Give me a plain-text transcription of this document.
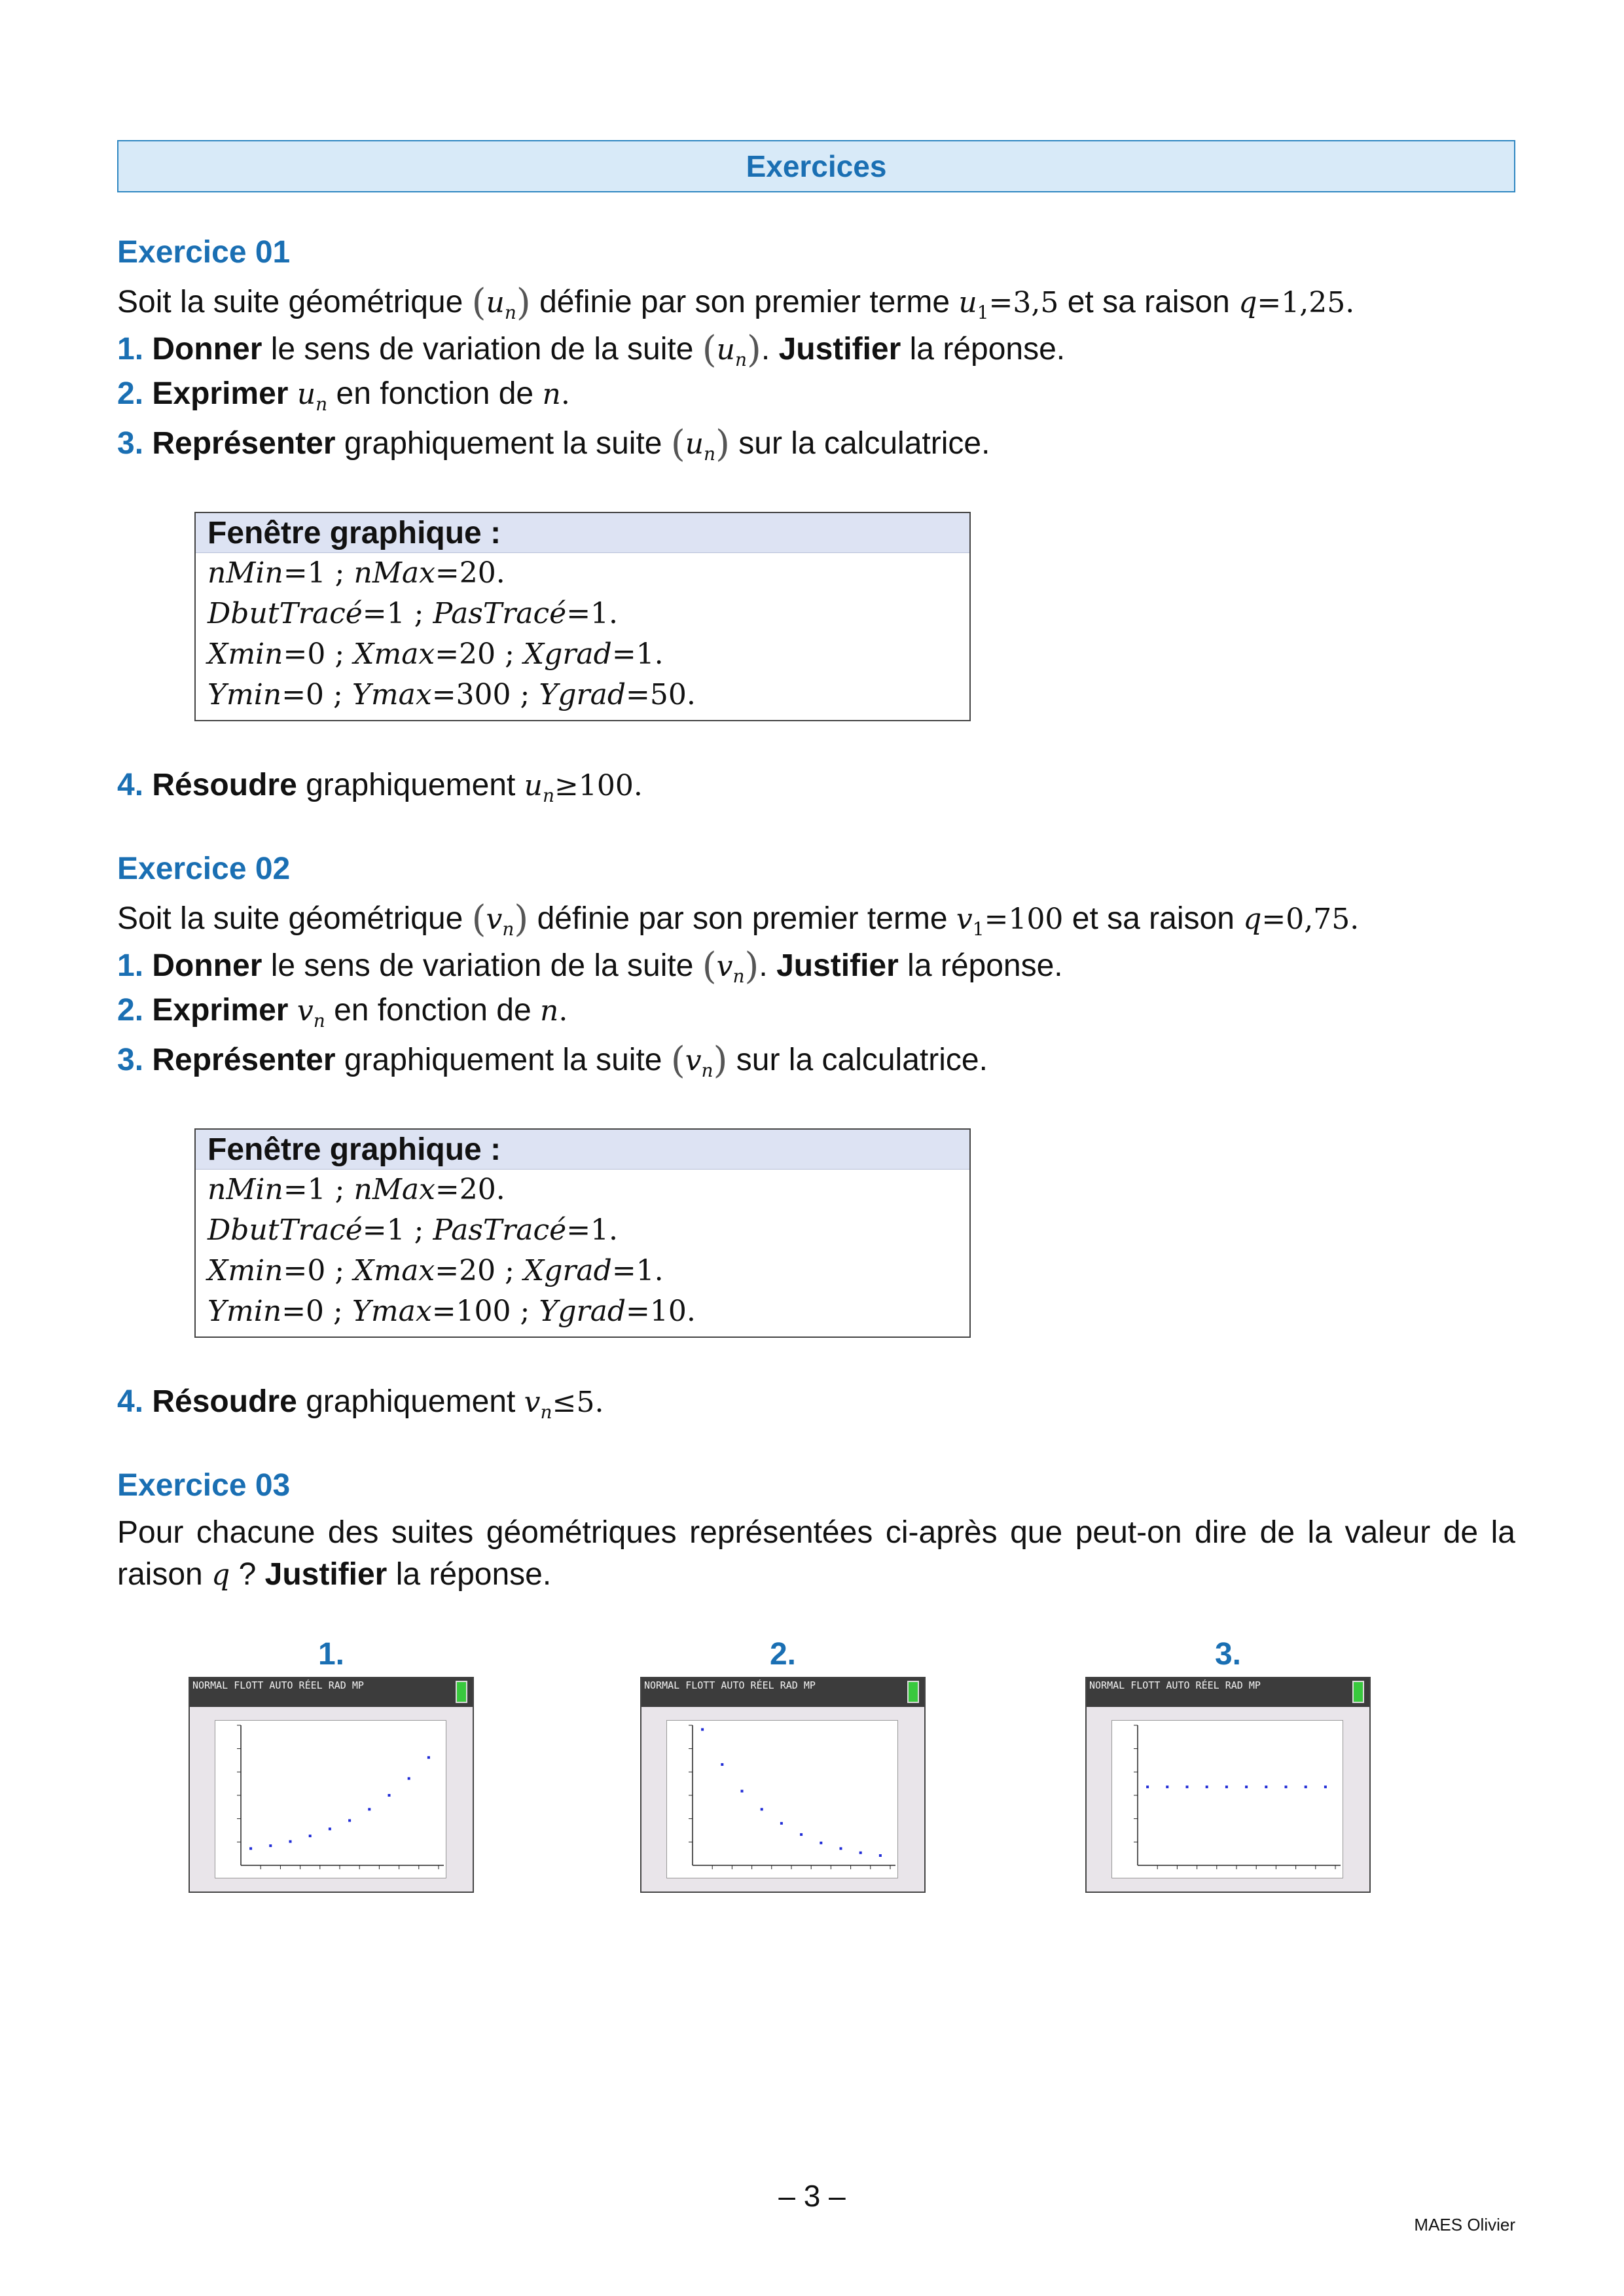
Exercices
Exercice 01
Soit la suite géométrique $(u_n)$ définie par son premier terme $u_1=3,5$ et sa raison q=1,25.
1. Donner le sens de variation de la suite $(u_n)$. Justifier la réponse.
2. Exprimer $u_n$ en fonction de n.
3. Représenter graphiquement la suite $(u_n)$ sur la calculatrice.
Fenêtre graphique :
nMin=1 ; nMax=20.
DbutTracé=1 ; PasTracé=1.
Xmin=0 ; Xmax=20 ; Xgrad=1.
Ymin=0 ; Ymax=300 ; Ygrad=50.
4. Résoudre graphiquement $u_n\ge 100$.
Exercice 02
Soit la suite géométrique $(v_n)$ définie par son premier terme $v_1=100$ et sa raison q=0,75.
1. Donner le sens de variation de la suite $(v_n)$. Justifier la réponse.
2. Exprimer $v_n$ en fonction de n.
3. Représenter graphiquement la suite $(v_n)$ sur la calculatrice.
Fenêtre graphique :
nMin=1 ; nMax=20.
DbutTracé=1 ; PasTracé=1.
Xmin=0 ; Xmax=20 ; Xgrad=1.
Ymin=0 ; Ymax=100 ; Ygrad=10.
4. Résoudre graphiquement $v_n\le 5$.
Exercice 03
Pour chacune des suites géométriques représentées ci-après que peut-on dire de la valeur de la raison q ? Justifier la réponse.
1.
NORMAL FLOTT AUTO RÉEL RAD MP
2.
NORMAL FLOTT AUTO RÉEL RAD MP
3.
NORMAL FLOTT AUTO RÉEL RAD MP
– 3 –
MAES Olivier
